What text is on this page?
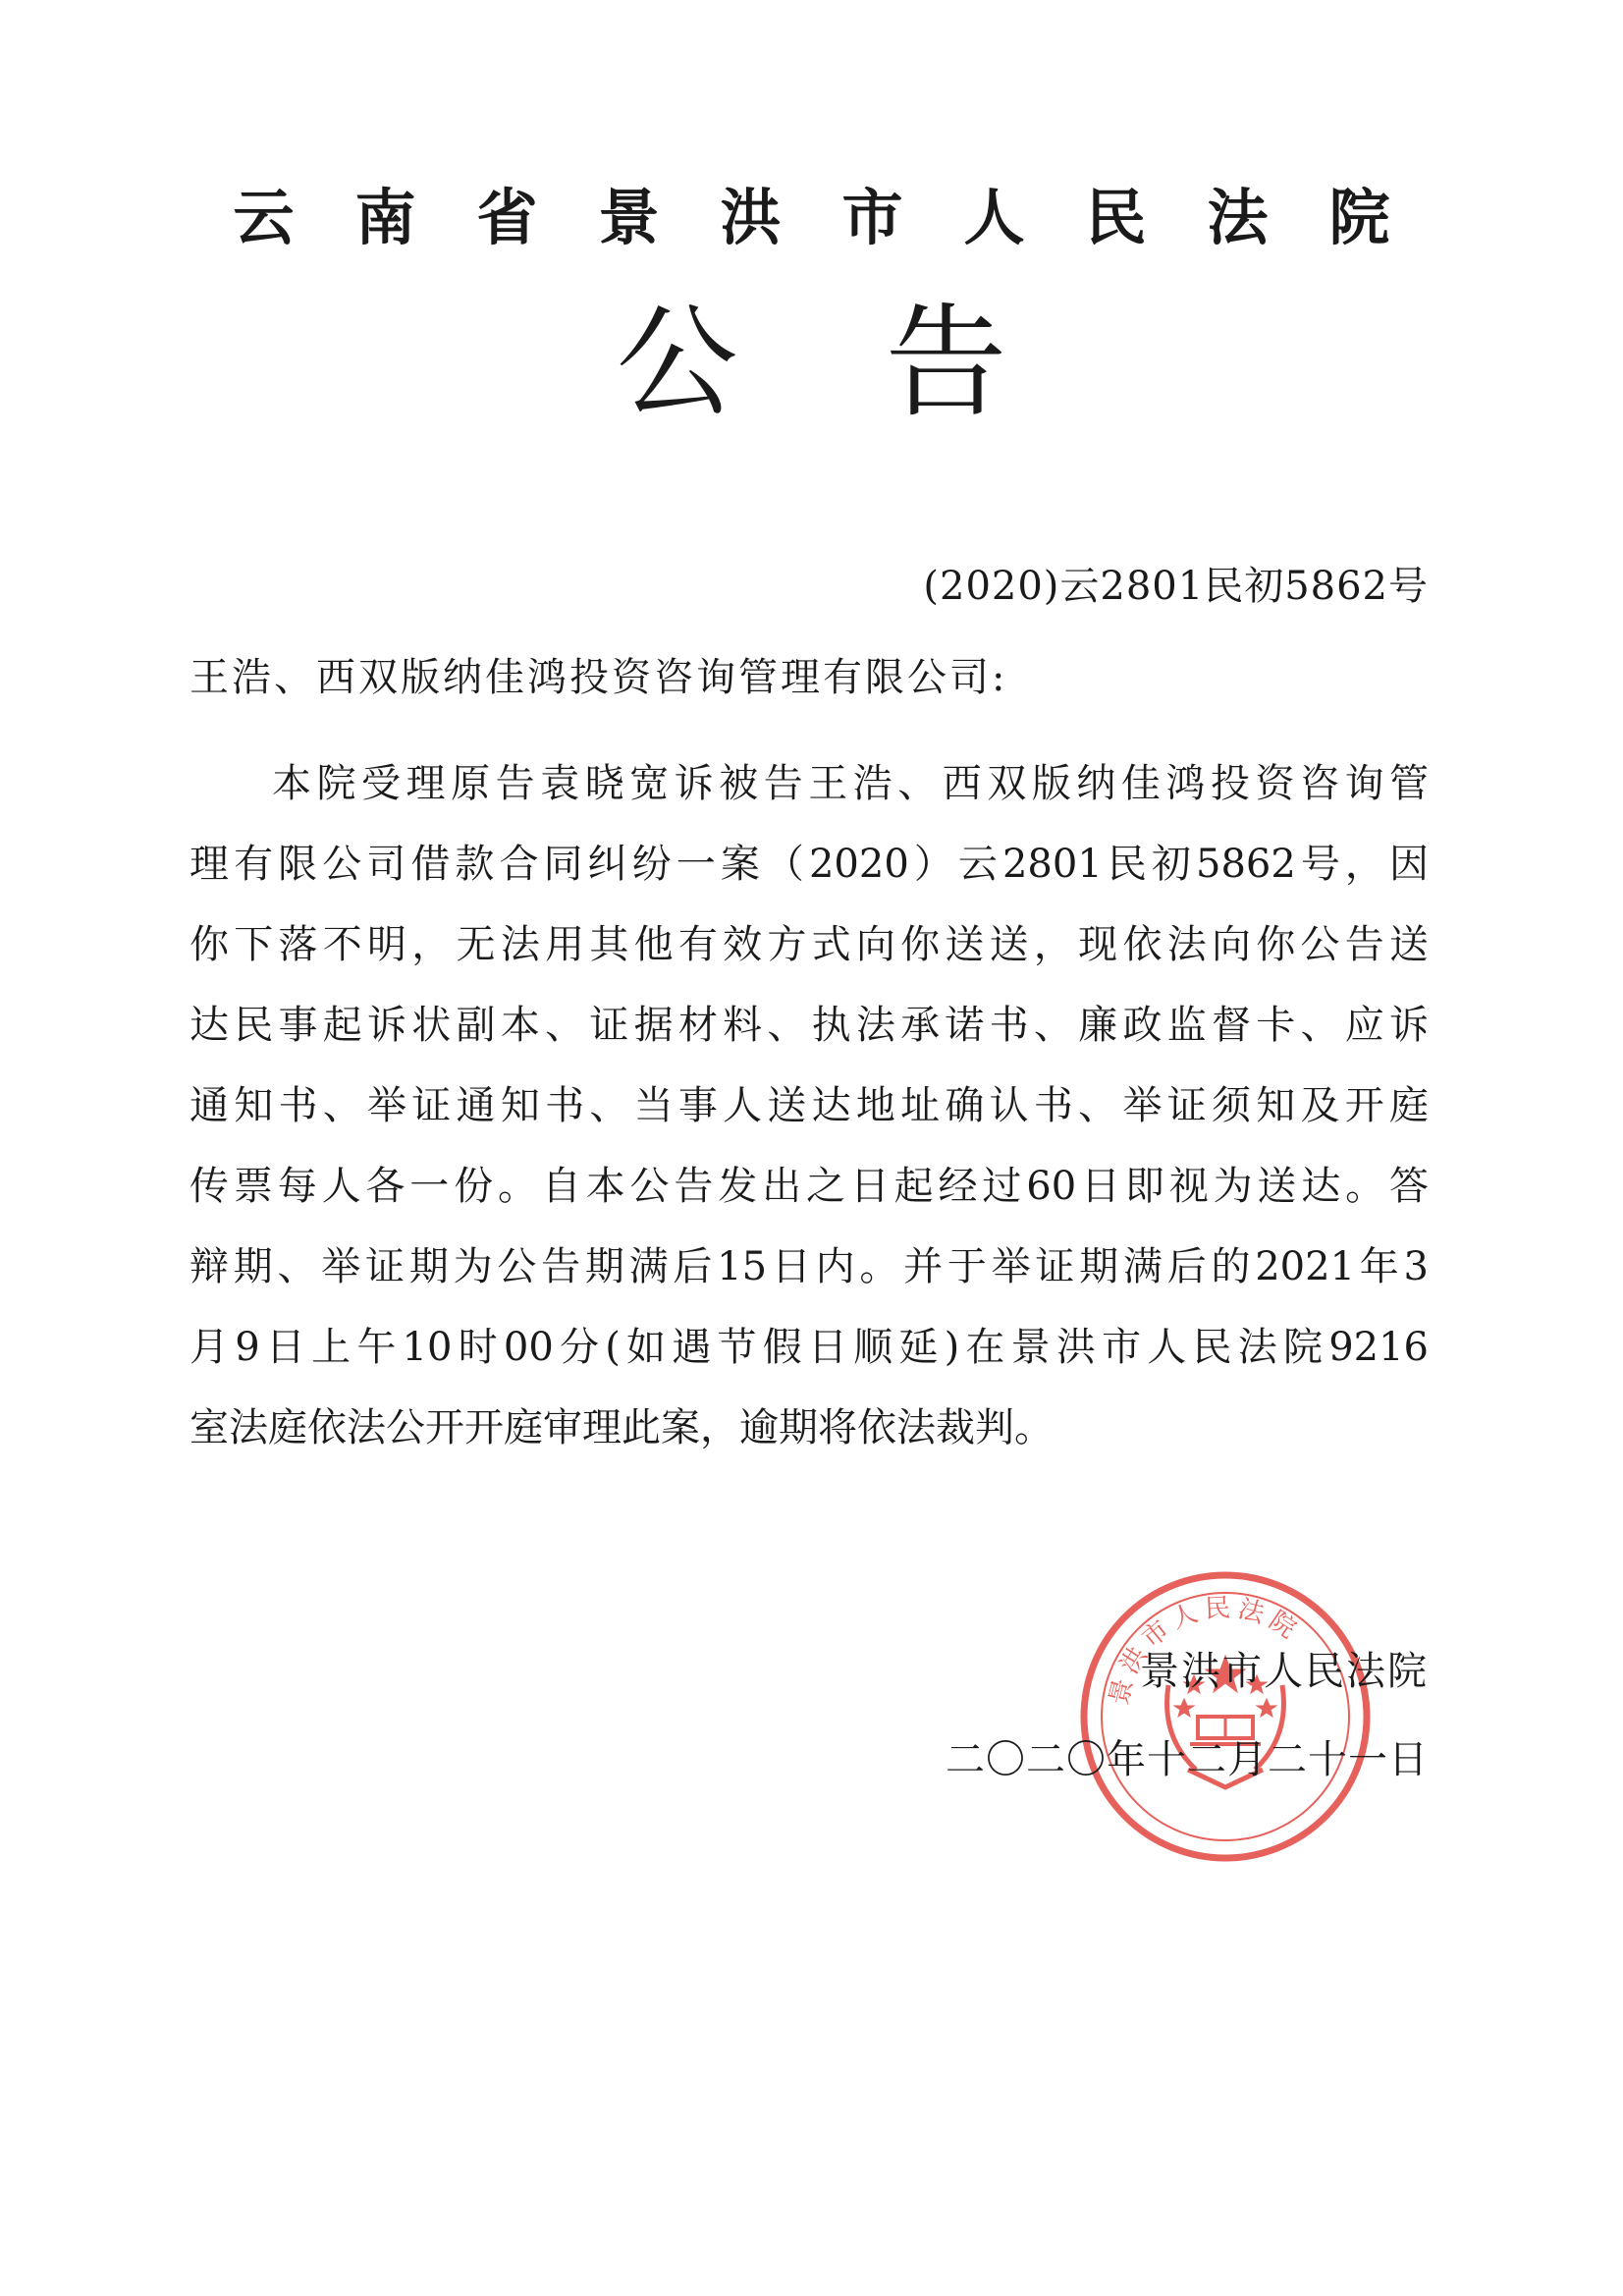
云南省景洪市人民法院
公告
(2020)云2801民初5862号
王浩、西双版纳佳鸿投资咨询管理有限公司:
本院受理原告袁晓宽诉被告王浩、西双版纳佳鸿投资咨询管
理有限公司借款合同纠纷一案（2020）云2801民初5862号，因
你下落不明，无法用其他有效方式向你送送，现依法向你公告送
达民事起诉状副本、证据材料、执法承诺书、廉政监督卡、应诉
通知书、举证通知书、当事人送达地址确认书、举证须知及开庭
传票每人各一份。自本公告发出之日起经过60日即视为送达。答
辩期、举证期为公告期满后15日内。并于举证期满后的2021年3
月9日上午10时00分(如遇节假日顺延)在景洪市人民法院9216
室法庭依法公开开庭审理此案，逾期将依法裁判。
景洪市人民法院
景洪市人民法院
二〇二〇年十二月二十一日
